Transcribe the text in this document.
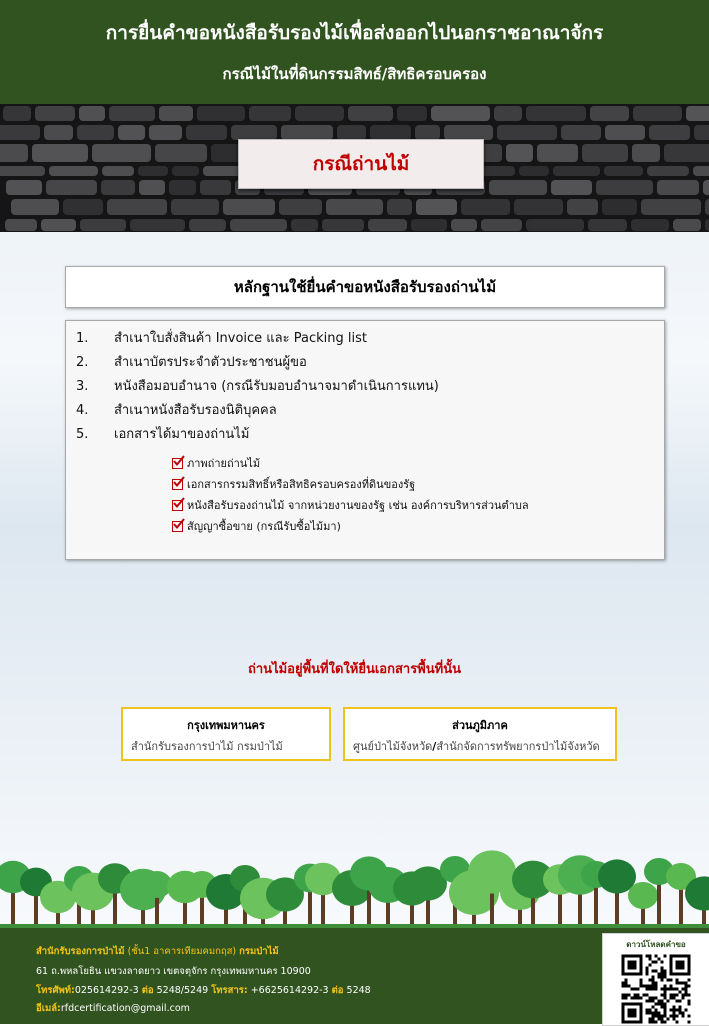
การยื่นคำขอหนังสือรับรองไม้เพื่อส่งออกไปนอกราชอาณาจักร
กรณีไม้ในที่ดินกรรมสิทธ์/สิทธิครอบครอง
กรณีถ่านไม้
หลักฐานใช้ยื่นคำขอหนังสือรับรองถ่านไม้
1.	สำเนาใบสั่งสินค้า Invoice และ Packing list
2.	สำเนาบัตรประจำตัวประชาชนผู้ขอ
3.	หนังสือมอบอำนาจ (กรณีรับมอบอำนาจมาดำเนินการแทน)
4.	สำเนาหนังสือรับรองนิติบุคคล
5.	เอกสารได้มาของถ่านไม้
ภาพถ่ายถ่านไม้
เอกสารกรรมสิทธิ์หรือสิทธิครอบครองที่ดินของรัฐ
หนังสือรับรองถ่านไม้ จากหน่วยงานของรัฐ เช่น องค์การบริหารส่วนตำบล
สัญญาซื้อขาย (กรณีรับซื้อไม้มา)
ถ่านไม้อยู่พื้นที่ใดให้ยื่นเอกสารพื้นที่นั้น
กรุงเทพมหานคร
สำนักรับรองการป่าไม้ กรมป่าไม้
ส่วนภูมิภาค
ศูนย์ป่าไม้จังหวัด/สำนักจัดการทรัพยากรป่าไม้จังหวัด
สำนักรับรองการป่าไม้ (ชั้น1 อาคารเทียมคมกฤส) กรมป่าไม้
61 ถ.พหลโยธิน แขวงลาดยาว เขตจตุจักร กรุงเทพมหานคร 10900
โทรศัพท์:025614292-3 ต่อ 5248/5249 โทรสาร: +6625614292-3 ต่อ 5248
อีเมล์:rfdcertification@gmail.com
ดาวน์โหลดคำขอ
